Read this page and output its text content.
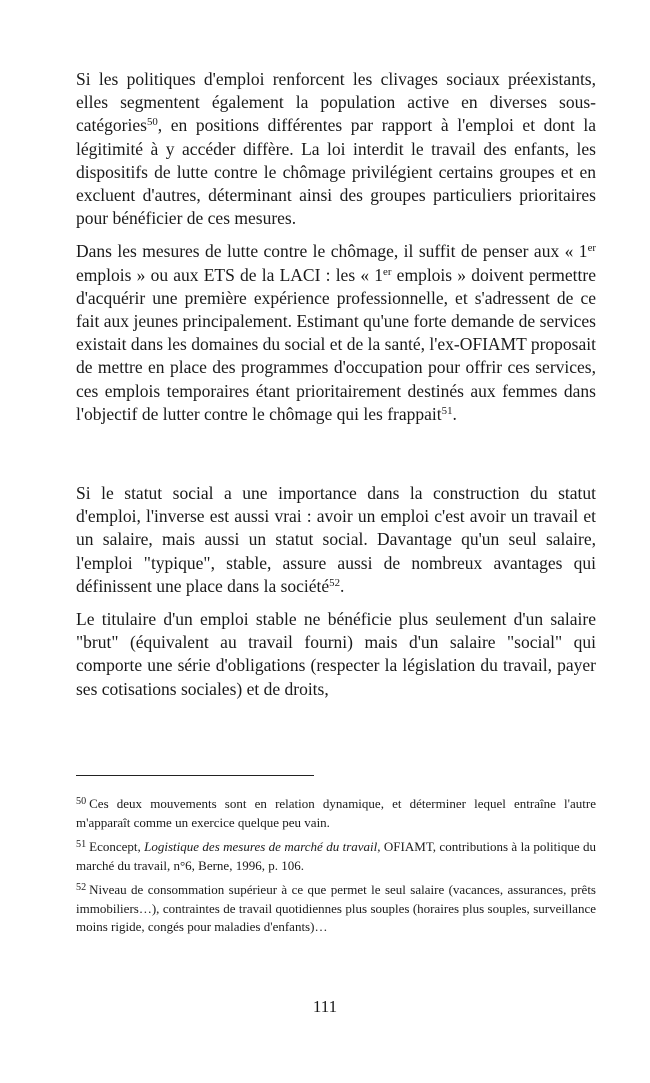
Si les politiques d'emploi renforcent les clivages sociaux préexistants, elles segmentent également la population active en diverses sous-catégories$^{50}$, en positions différentes par rapport à l'emploi et dont la légitimité à y accéder diffère. La loi interdit le travail des enfants, les dispositifs de lutte contre le chômage privilégient certains groupes et en excluent d'autres, déterminant ainsi des groupes particuliers prioritaires pour bénéficier de ces mesures.

Dans les mesures de lutte contre le chômage, il suffit de penser aux « 1er emplois » ou aux ETS de la LACI : les « 1er emplois » doivent permettre d'acquérir une première expérience professionnelle, et s'adressent de ce fait aux jeunes principalement. Estimant qu'une forte demande de services existait dans les domaines du social et de la santé, l'ex-OFIAMT proposait de mettre en place des programmes d'occupation pour offrir ces services, ces emplois temporaires étant prioritairement destinés aux femmes dans l'objectif de lutter contre le chômage qui les frappait$^{51}$.

Si le statut social a une importance dans la construction du statut d'emploi, l'inverse est aussi vrai : avoir un emploi c'est avoir un travail et un salaire, mais aussi un statut social. Davantage qu'un seul salaire, l'emploi "typique", stable, assure aussi de nombreux avantages qui définissent une place dans la société$^{52}$.

Le titulaire d'un emploi stable ne bénéficie plus seulement d'un salaire "brut" (équivalent au travail fourni) mais d'un salaire "social" qui comporte une série d'obligations (respecter la législation du travail, payer ses cotisations sociales) et de droits,

$^{50}$ Ces deux mouvements sont en relation dynamique, et déterminer lequel entraîne l'autre m'apparaît comme un exercice quelque peu vain.

$^{51}$ Econcept, Logistique des mesures de marché du travail, OFIAMT, contributions à la politique du marché du travail, n°6, Berne, 1996, p. 106.

$^{52}$ Niveau de consommation supérieur à ce que permet le seul salaire (vacances, assurances, prêts immobiliers…), contraintes de travail quotidiennes plus souples (horaires plus souples, surveillance moins rigide, congés pour maladies d'enfants)…

111
